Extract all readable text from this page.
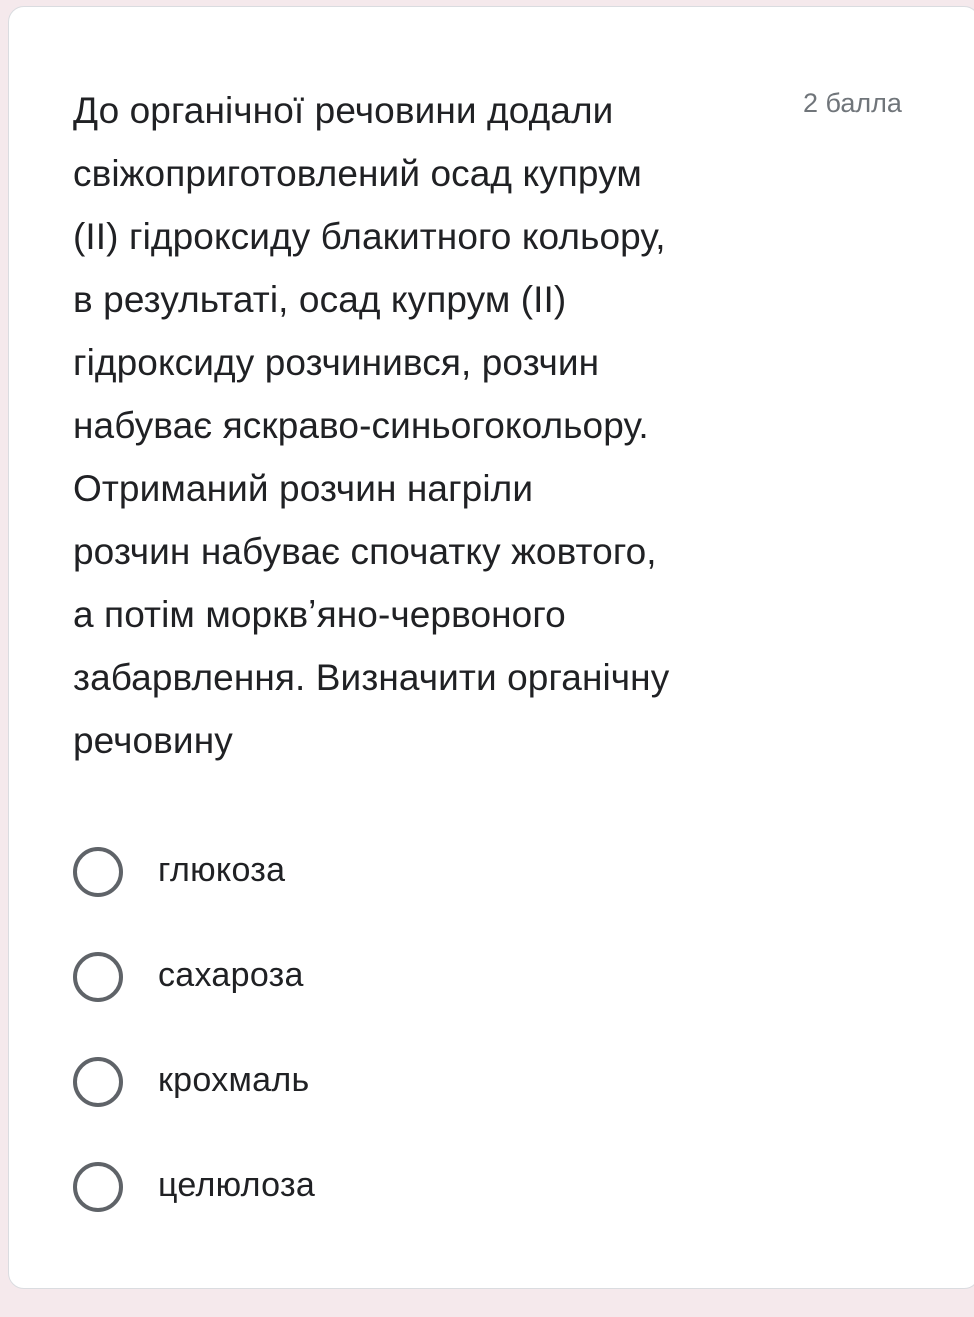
До органічної речовини додали
свіжоприготовлений осад купрум
(ІІ) гідроксиду блакитного кольору,
в результаті, осад купрум (ІІ)
гідроксиду розчинився, розчин
набуває яскраво-синьогокольору.
Отриманий розчин нагріли
розчин набуває спочатку жовтого,
а потім морквʼяно-червоного
забарвлення. Визначити органічну
речовину

2 балла
глюкоза
сахароза
крохмаль
целюлоза
